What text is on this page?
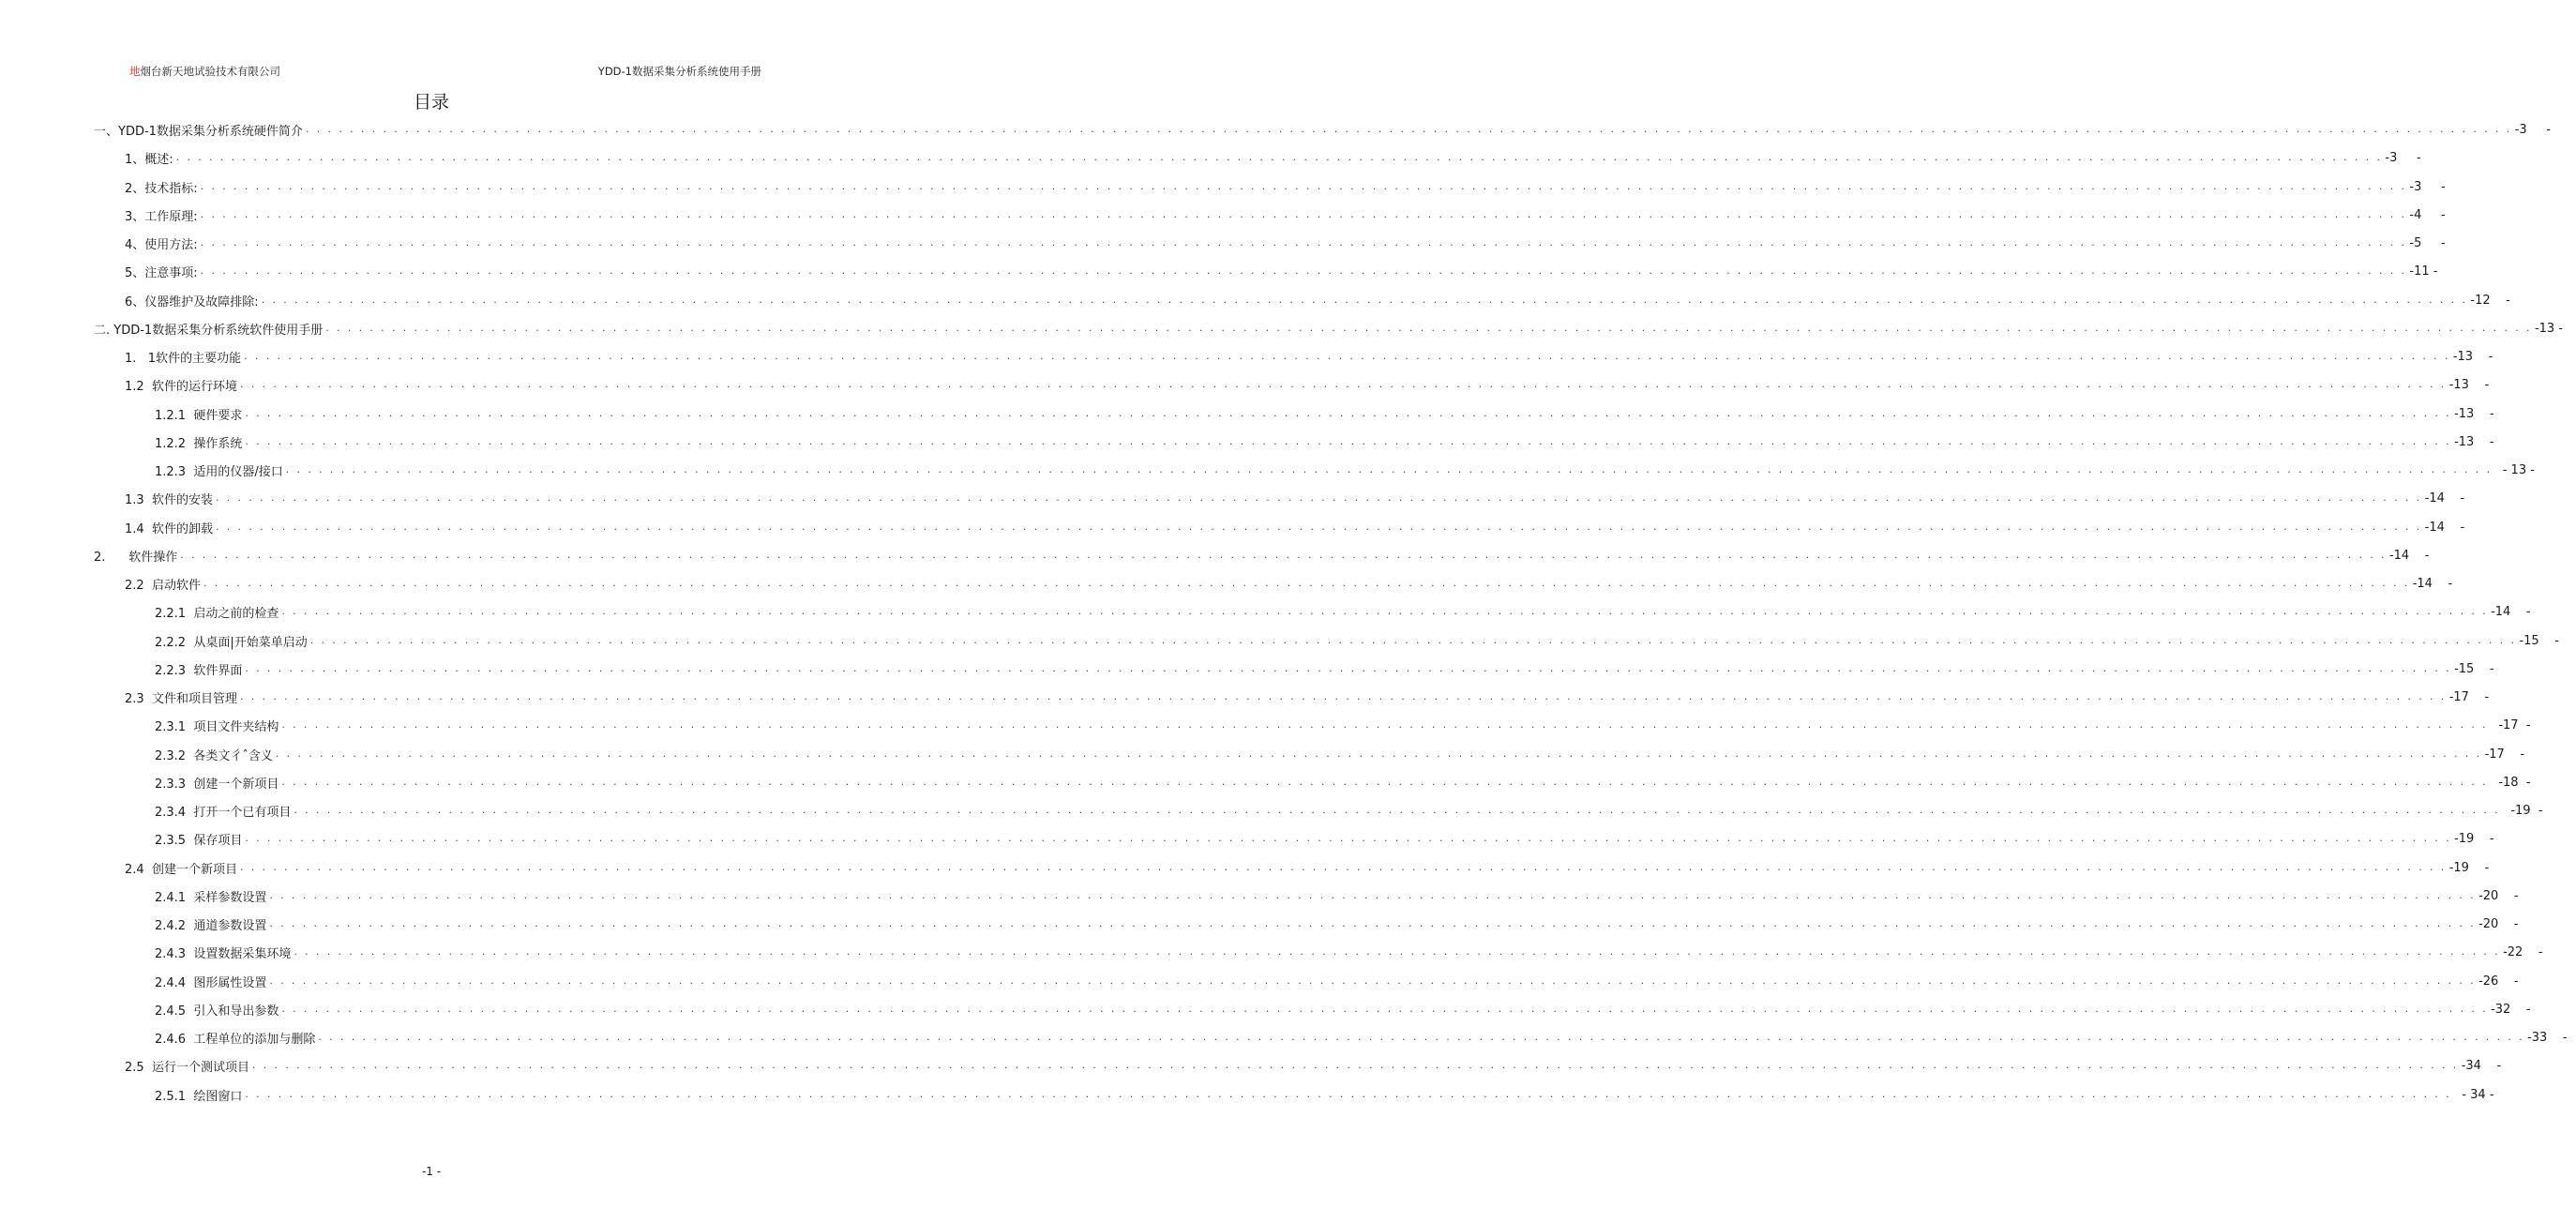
地烟台新天地试验技术有限公司	YDD-1数据采集分析系统使用手册
目录
一、YDD-1数据采集分析系统硬件简介 . . . . . . . . . . . . . . . . . . . . . . . . . . . . . . . . . . . . . . . . . . . . . . . . . . . . . . . . . . . . . . . . . . . . . . . . . . . . . . . . . . . . . . . . . . . . . . . . . . . . . . . . . . . . . . . . . . . . . . . . . . . . . . . . . . . . . . . . . . . . . . . . . . . . . . . . . . . . . . . . . . . . . . . . . . . . . . . . . . . . . . . . . . . . . . . . . . . . . . . . -3     -
1、概述: . . . . . . . . . . . . . . . . . . . . . . . . . . . . . . . . . . . . . . . . . . . . . . . . . . . . . . . . . . . . . . . . . . . . . . . . . . . . . . . . . . . . . . . . . . . . . . . . . . . . . . . . . . . . . . . . . . . . . . . . . . . . . . . . . . . . . . . . . . . . . . . . . . . . . . . . . . . . . . . . . . . . . . . . . . . . . . . . . . . . . . . . . . . . . . . . . . . . . . . . -3     -
2、技术指标: . . . . . . . . . . . . . . . . . . . . . . . . . . . . . . . . . . . . . . . . . . . . . . . . . . . . . . . . . . . . . . . . . . . . . . . . . . . . . . . . . . . . . . . . . . . . . . . . . . . . . . . . . . . . . . . . . . . . . . . . . . . . . . . . . . . . . . . . . . . . . . . . . . . . . . . . . . . . . . . . . . . . . . . . . . . . . . . . . . . . . . . . . . . . . . . . . . . . . . . . -3     -
3、工作原理: . . . . . . . . . . . . . . . . . . . . . . . . . . . . . . . . . . . . . . . . . . . . . . . . . . . . . . . . . . . . . . . . . . . . . . . . . . . . . . . . . . . . . . . . . . . . . . . . . . . . . . . . . . . . . . . . . . . . . . . . . . . . . . . . . . . . . . . . . . . . . . . . . . . . . . . . . . . . . . . . . . . . . . . . . . . . . . . . . . . . . . . . . . . . . . . . . . . . . . . . -4     -
4、使用方法: . . . . . . . . . . . . . . . . . . . . . . . . . . . . . . . . . . . . . . . . . . . . . . . . . . . . . . . . . . . . . . . . . . . . . . . . . . . . . . . . . . . . . . . . . . . . . . . . . . . . . . . . . . . . . . . . . . . . . . . . . . . . . . . . . . . . . . . . . . . . . . . . . . . . . . . . . . . . . . . . . . . . . . . . . . . . . . . . . . . . . . . . . . . . . . . . . . . . . . . . -5     -
5、注意事项: . . . . . . . . . . . . . . . . . . . . . . . . . . . . . . . . . . . . . . . . . . . . . . . . . . . . . . . . . . . . . . . . . . . . . . . . . . . . . . . . . . . . . . . . . . . . . . . . . . . . . . . . . . . . . . . . . . . . . . . . . . . . . . . . . . . . . . . . . . . . . . . . . . . . . . . . . . . . . . . . . . . . . . . . . . . . . . . . . . . . . . . . . . . . . . . . . . . . . . . . -11 -
6、仪器维护及故障排除: . . . . . . . . . . . . . . . . . . . . . . . . . . . . . . . . . . . . . . . . . . . . . . . . . . . . . . . . . . . . . . . . . . . . . . . . . . . . . . . . . . . . . . . . . . . . . . . . . . . . . . . . . . . . . . . . . . . . . . . . . . . . . . . . . . . . . . . . . . . . . . . . . . . . . . . . . . . . . . . . . . . . . . . . . . . . . . . . . . . . . . . . . . . . . . . . . . . . . . . . -12    -
二. YDD-1数据采集分析系统软件使用手册 . . . . . . . . . . . . . . . . . . . . . . . . . . . . . . . . . . . . . . . . . . . . . . . . . . . . . . . . . . . . . . . . . . . . . . . . . . . . . . . . . . . . . . . . . . . . . . . . . . . . . . . . . . . . . . . . . . . . . . . . . . . . . . . . . . . . . . . . . . . . . . . . . . . . . . . . . . . . . . . . . . . . . . . . . . . . . . . . . . . . . . . . . . . . . . . . . . . . . . . . -13 -
1.   1软件的主要功能 . . . . . . . . . . . . . . . . . . . . . . . . . . . . . . . . . . . . . . . . . . . . . . . . . . . . . . . . . . . . . . . . . . . . . . . . . . . . . . . . . . . . . . . . . . . . . . . . . . . . . . . . . . . . . . . . . . . . . . . . . . . . . . . . . . . . . . . . . . . . . . . . . . . . . . . . . . . . . . . . . . . . . . . . . . . . . . . . . . . . . . . . . . . . . . . . . . . . . . . . -13    -
1.2  软件的运行环境 . . . . . . . . . . . . . . . . . . . . . . . . . . . . . . . . . . . . . . . . . . . . . . . . . . . . . . . . . . . . . . . . . . . . . . . . . . . . . . . . . . . . . . . . . . . . . . . . . . . . . . . . . . . . . . . . . . . . . . . . . . . . . . . . . . . . . . . . . . . . . . . . . . . . . . . . . . . . . . . . . . . . . . . . . . . . . . . . . . . . . . . . . . . . . . . . . . . . . . . . -13    -
1.2.1  硬件要求 . . . . . . . . . . . . . . . . . . . . . . . . . . . . . . . . . . . . . . . . . . . . . . . . . . . . . . . . . . . . . . . . . . . . . . . . . . . . . . . . . . . . . . . . . . . . . . . . . . . . . . . . . . . . . . . . . . . . . . . . . . . . . . . . . . . . . . . . . . . . . . . . . . . . . . . . . . . . . . . . . . . . . . . . . . . . . . . . . . . . . . . . . . . . . . . . . . . . . . . . -13    -
1.2.2  操作系统 . . . . . . . . . . . . . . . . . . . . . . . . . . . . . . . . . . . . . . . . . . . . . . . . . . . . . . . . . . . . . . . . . . . . . . . . . . . . . . . . . . . . . . . . . . . . . . . . . . . . . . . . . . . . . . . . . . . . . . . . . . . . . . . . . . . . . . . . . . . . . . . . . . . . . . . . . . . . . . . . . . . . . . . . . . . . . . . . . . . . . . . . . . . . . . . . . . . . . . . . -13    -
1.2.3  适用的仪器/接口 . . . . . . . . . . . . . . . . . . . . . . . . . . . . . . . . . . . . . . . . . . . . . . . . . . . . . . . . . . . . . . . . . . . . . . . . . . . . . . . . . . . . . . . . . . . . . . . . . . . . . . . . . . . . . . . . . . . . . . . . . . . . . . . . . . . . . . . . . . . . . . . . . . . . . . . . . . . . . . . . . . . . . . . . . . . . . . . . . . . . . . . . . . . . . . . . . . . . . . . . - 13 -
1.3  软件的安装 . . . . . . . . . . . . . . . . . . . . . . . . . . . . . . . . . . . . . . . . . . . . . . . . . . . . . . . . . . . . . . . . . . . . . . . . . . . . . . . . . . . . . . . . . . . . . . . . . . . . . . . . . . . . . . . . . . . . . . . . . . . . . . . . . . . . . . . . . . . . . . . . . . . . . . . . . . . . . . . . . . . . . . . . . . . . . . . . . . . . . . . . . . . . . . . . . . . . . . . . -14    -
1.4  软件的卸载 . . . . . . . . . . . . . . . . . . . . . . . . . . . . . . . . . . . . . . . . . . . . . . . . . . . . . . . . . . . . . . . . . . . . . . . . . . . . . . . . . . . . . . . . . . . . . . . . . . . . . . . . . . . . . . . . . . . . . . . . . . . . . . . . . . . . . . . . . . . . . . . . . . . . . . . . . . . . . . . . . . . . . . . . . . . . . . . . . . . . . . . . . . . . . . . . . . . . . . . . -14    -
2.      软件操作 . . . . . . . . . . . . . . . . . . . . . . . . . . . . . . . . . . . . . . . . . . . . . . . . . . . . . . . . . . . . . . . . . . . . . . . . . . . . . . . . . . . . . . . . . . . . . . . . . . . . . . . . . . . . . . . . . . . . . . . . . . . . . . . . . . . . . . . . . . . . . . . . . . . . . . . . . . . . . . . . . . . . . . . . . . . . . . . . . . . . . . . . . . . . . . . . . . . . . . . . -14    -
2.2  启动软件 . . . . . . . . . . . . . . . . . . . . . . . . . . . . . . . . . . . . . . . . . . . . . . . . . . . . . . . . . . . . . . . . . . . . . . . . . . . . . . . . . . . . . . . . . . . . . . . . . . . . . . . . . . . . . . . . . . . . . . . . . . . . . . . . . . . . . . . . . . . . . . . . . . . . . . . . . . . . . . . . . . . . . . . . . . . . . . . . . . . . . . . . . . . . . . . . . . . . . . . . -14    -
2.2.1  启动之前的检查 . . . . . . . . . . . . . . . . . . . . . . . . . . . . . . . . . . . . . . . . . . . . . . . . . . . . . . . . . . . . . . . . . . . . . . . . . . . . . . . . . . . . . . . . . . . . . . . . . . . . . . . . . . . . . . . . . . . . . . . . . . . . . . . . . . . . . . . . . . . . . . . . . . . . . . . . . . . . . . . . . . . . . . . . . . . . . . . . . . . . . . . . . . . . . . . . . . . . . . . . -14    -
2.2.2  从桌面|开始菜单启动 . . . . . . . . . . . . . . . . . . . . . . . . . . . . . . . . . . . . . . . . . . . . . . . . . . . . . . . . . . . . . . . . . . . . . . . . . . . . . . . . . . . . . . . . . . . . . . . . . . . . . . . . . . . . . . . . . . . . . . . . . . . . . . . . . . . . . . . . . . . . . . . . . . . . . . . . . . . . . . . . . . . . . . . . . . . . . . . . . . . . . . . . . . . . . . . . . . . . . . . . -15    -
2.2.3  软件界面 . . . . . . . . . . . . . . . . . . . . . . . . . . . . . . . . . . . . . . . . . . . . . . . . . . . . . . . . . . . . . . . . . . . . . . . . . . . . . . . . . . . . . . . . . . . . . . . . . . . . . . . . . . . . . . . . . . . . . . . . . . . . . . . . . . . . . . . . . . . . . . . . . . . . . . . . . . . . . . . . . . . . . . . . . . . . . . . . . . . . . . . . . . . . . . . . . . . . . . . . -15    -
2.3  文件和项目管理 . . . . . . . . . . . . . . . . . . . . . . . . . . . . . . . . . . . . . . . . . . . . . . . . . . . . . . . . . . . . . . . . . . . . . . . . . . . . . . . . . . . . . . . . . . . . . . . . . . . . . . . . . . . . . . . . . . . . . . . . . . . . . . . . . . . . . . . . . . . . . . . . . . . . . . . . . . . . . . . . . . . . . . . . . . . . . . . . . . . . . . . . . . . . . . . . . . . . . . . . -17    -
2.3.1  项目文件夹结构 . . . . . . . . . . . . . . . . . . . . . . . . . . . . . . . . . . . . . . . . . . . . . . . . . . . . . . . . . . . . . . . . . . . . . . . . . . . . . . . . . . . . . . . . . . . . . . . . . . . . . . . . . . . . . . . . . . . . . . . . . . . . . . . . . . . . . . . . . . . . . . . . . . . . . . . . . . . . . . . . . . . . . . . . . . . . . . . . . . . . . . . . . . . . . . . . . . . . . . . . -17  -
2.3.2  各类文彳ˆ含义 . . . . . . . . . . . . . . . . . . . . . . . . . . . . . . . . . . . . . . . . . . . . . . . . . . . . . . . . . . . . . . . . . . . . . . . . . . . . . . . . . . . . . . . . . . . . . . . . . . . . . . . . . . . . . . . . . . . . . . . . . . . . . . . . . . . . . . . . . . . . . . . . . . . . . . . . . . . . . . . . . . . . . . . . . . . . . . . . . . . . . . . . . . . . . . . . . . . . . . . . -17    -
2.3.3  创建一个新项目 . . . . . . . . . . . . . . . . . . . . . . . . . . . . . . . . . . . . . . . . . . . . . . . . . . . . . . . . . . . . . . . . . . . . . . . . . . . . . . . . . . . . . . . . . . . . . . . . . . . . . . . . . . . . . . . . . . . . . . . . . . . . . . . . . . . . . . . . . . . . . . . . . . . . . . . . . . . . . . . . . . . . . . . . . . . . . . . . . . . . . . . . . . . . . . . . . . . . . . . . -18  -
2.3.4  打开一个已有项目 . . . . . . . . . . . . . . . . . . . . . . . . . . . . . . . . . . . . . . . . . . . . . . . . . . . . . . . . . . . . . . . . . . . . . . . . . . . . . . . . . . . . . . . . . . . . . . . . . . . . . . . . . . . . . . . . . . . . . . . . . . . . . . . . . . . . . . . . . . . . . . . . . . . . . . . . . . . . . . . . . . . . . . . . . . . . . . . . . . . . . . . . . . . . . . . . . . . . . . . . -19  -
2.3.5  保存项目 . . . . . . . . . . . . . . . . . . . . . . . . . . . . . . . . . . . . . . . . . . . . . . . . . . . . . . . . . . . . . . . . . . . . . . . . . . . . . . . . . . . . . . . . . . . . . . . . . . . . . . . . . . . . . . . . . . . . . . . . . . . . . . . . . . . . . . . . . . . . . . . . . . . . . . . . . . . . . . . . . . . . . . . . . . . . . . . . . . . . . . . . . . . . . . . . . . . . . . . . -19    -
2.4  创建一个新项目 . . . . . . . . . . . . . . . . . . . . . . . . . . . . . . . . . . . . . . . . . . . . . . . . . . . . . . . . . . . . . . . . . . . . . . . . . . . . . . . . . . . . . . . . . . . . . . . . . . . . . . . . . . . . . . . . . . . . . . . . . . . . . . . . . . . . . . . . . . . . . . . . . . . . . . . . . . . . . . . . . . . . . . . . . . . . . . . . . . . . . . . . . . . . . . . . . . . . . . . . -19    -
2.4.1  采样参数设置 . . . . . . . . . . . . . . . . . . . . . . . . . . . . . . . . . . . . . . . . . . . . . . . . . . . . . . . . . . . . . . . . . . . . . . . . . . . . . . . . . . . . . . . . . . . . . . . . . . . . . . . . . . . . . . . . . . . . . . . . . . . . . . . . . . . . . . . . . . . . . . . . . . . . . . . . . . . . . . . . . . . . . . . . . . . . . . . . . . . . . . . . . . . . . . . . . . . . . . . . -20    -
2.4.2  通道参数设置 . . . . . . . . . . . . . . . . . . . . . . . . . . . . . . . . . . . . . . . . . . . . . . . . . . . . . . . . . . . . . . . . . . . . . . . . . . . . . . . . . . . . . . . . . . . . . . . . . . . . . . . . . . . . . . . . . . . . . . . . . . . . . . . . . . . . . . . . . . . . . . . . . . . . . . . . . . . . . . . . . . . . . . . . . . . . . . . . . . . . . . . . . . . . . . . . . . . . . . . . -20    -
2.4.3  设置数据采集环境 . . . . . . . . . . . . . . . . . . . . . . . . . . . . . . . . . . . . . . . . . . . . . . . . . . . . . . . . . . . . . . . . . . . . . . . . . . . . . . . . . . . . . . . . . . . . . . . . . . . . . . . . . . . . . . . . . . . . . . . . . . . . . . . . . . . . . . . . . . . . . . . . . . . . . . . . . . . . . . . . . . . . . . . . . . . . . . . . . . . . . . . . . . . . . . . . . . . . . . . . -22    -
2.4.4  图形属性设置 . . . . . . . . . . . . . . . . . . . . . . . . . . . . . . . . . . . . . . . . . . . . . . . . . . . . . . . . . . . . . . . . . . . . . . . . . . . . . . . . . . . . . . . . . . . . . . . . . . . . . . . . . . . . . . . . . . . . . . . . . . . . . . . . . . . . . . . . . . . . . . . . . . . . . . . . . . . . . . . . . . . . . . . . . . . . . . . . . . . . . . . . . . . . . . . . . . . . . . . . -26    -
2.4.5  引入和导出参数 . . . . . . . . . . . . . . . . . . . . . . . . . . . . . . . . . . . . . . . . . . . . . . . . . . . . . . . . . . . . . . . . . . . . . . . . . . . . . . . . . . . . . . . . . . . . . . . . . . . . . . . . . . . . . . . . . . . . . . . . . . . . . . . . . . . . . . . . . . . . . . . . . . . . . . . . . . . . . . . . . . . . . . . . . . . . . . . . . . . . . . . . . . . . . . . . . . . . . . . . -32    -
2.4.6  工程单位的添加与删除 . . . . . . . . . . . . . . . . . . . . . . . . . . . . . . . . . . . . . . . . . . . . . . . . . . . . . . . . . . . . . . . . . . . . . . . . . . . . . . . . . . . . . . . . . . . . . . . . . . . . . . . . . . . . . . . . . . . . . . . . . . . . . . . . . . . . . . . . . . . . . . . . . . . . . . . . . . . . . . . . . . . . . . . . . . . . . . . . . . . . . . . . . . . . . . . . . . . . . . . . -33    -
2.5  运行一个测试项目 . . . . . . . . . . . . . . . . . . . . . . . . . . . . . . . . . . . . . . . . . . . . . . . . . . . . . . . . . . . . . . . . . . . . . . . . . . . . . . . . . . . . . . . . . . . . . . . . . . . . . . . . . . . . . . . . . . . . . . . . . . . . . . . . . . . . . . . . . . . . . . . . . . . . . . . . . . . . . . . . . . . . . . . . . . . . . . . . . . . . . . . . . . . . . . . . . . . . . . . . -34    -
2.5.1  绘图窗口 . . . . . . . . . . . . . . . . . . . . . . . . . . . . . . . . . . . . . . . . . . . . . . . . . . . . . . . . . . . . . . . . . . . . . . . . . . . . . . . . . . . . . . . . . . . . . . . . . . . . . . . . . . . . . . . . . . . . . . . . . . . . . . . . . . . . . . . . . . . . . . . . . . . . . . . . . . . . . . . . . . . . . . . . . . . . . . . . . . . . . . . . . . . . . . . . . . . . . . . . - 34 -
-1 -
